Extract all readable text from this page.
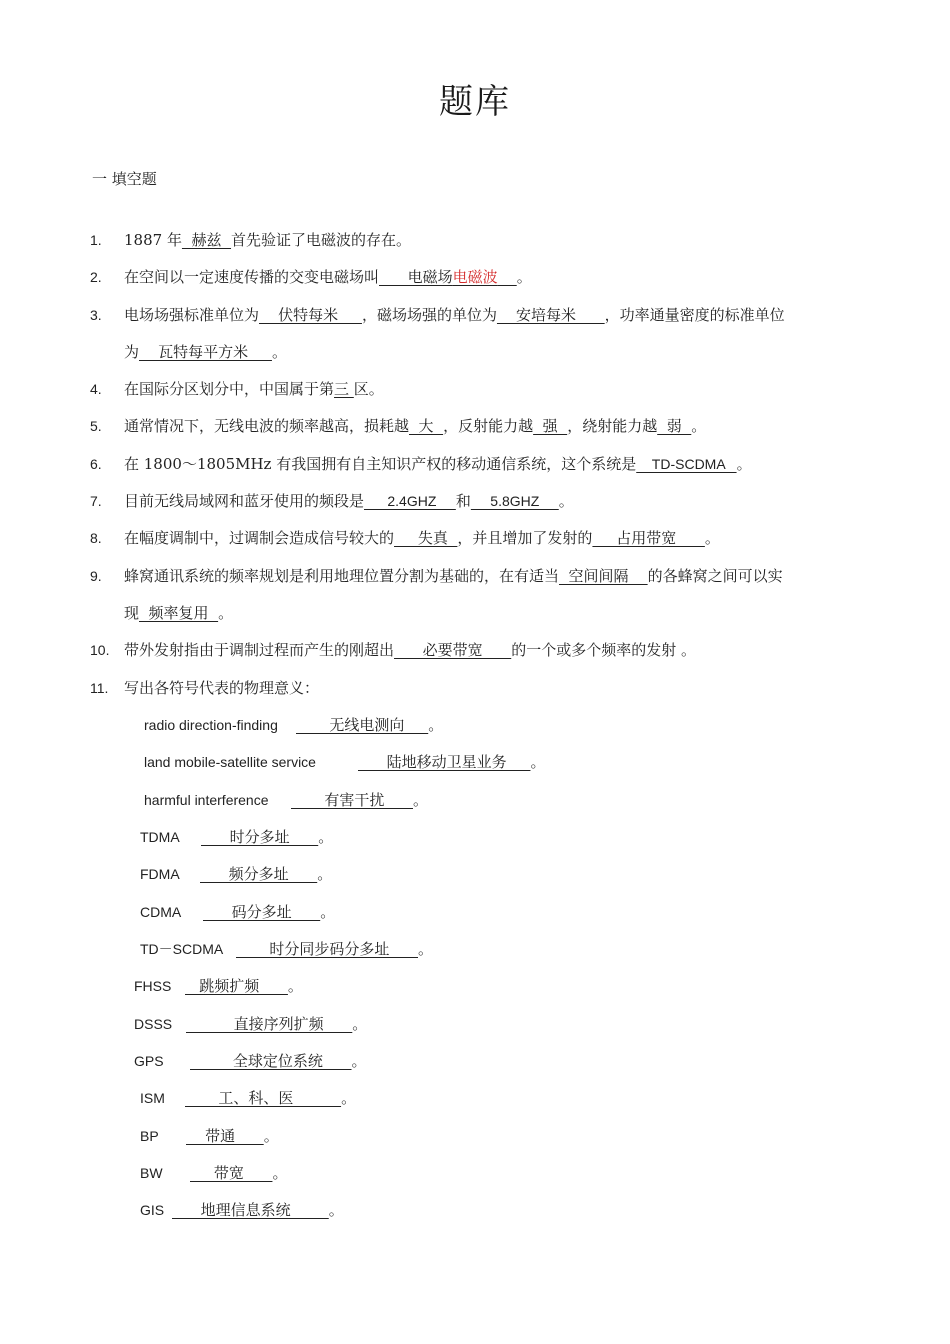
题库
一 填空题
1. 1887 年  赫兹  首先验证了电磁波的存在。
2. 在空间以一定速度传播的交变电磁场叫      电磁场电磁波 。
3. 电场场强标准单位为    伏特每米     ，磁场场强的单位为    安培每米      ，功率通量密度的标准单位
为    瓦特每平方米     。
4. 在国际分区划分中，中国属于第三 区。
5. 通常情况下，无线电波的频率越高，损耗越  大  ，反射能力越  强  ，绕射能力越  弱  。
6. 在 1800～1805MHz 有我国拥有自主知识产权的移动通信系统，这个系统是    TD-SCDMA   。
7. 目前无线局域网和蓝牙使用的频段是      2.4GHZ     和     5.8GHZ     。
8. 在幅度调制中，过调制会造成信号较大的     失真  ，并且增加了发射的     占用带宽      。
9. 蜂窝通讯系统的频率规划是利用地理位置分割为基础的，在有适当  空间间隔    的各蜂窝之间可以实
现  频率复用  。
10. 带外发射指由于调制过程而产生的刚超出      必要带宽      的一个或多个频率的发射 。
11. 写出各符号代表的物理意义：
radio direction-finding 无线电测向     。
land mobile-satellite service	陆地移动卫星业务     。
harmful interference 有害干扰      。
TDMA 时分多址      。
FDMA 频分多址      。
CDMA 码分多址      。
TD－SCDMA 时分同步码分多址      。
FHSS 跳频扩频      。
DSSS 直接序列扩频      。
GPS 全球定位系统      。
ISM 工、科、医          。
BP 带通      。
BW 带宽      。
GIS 地理信息系统        。
